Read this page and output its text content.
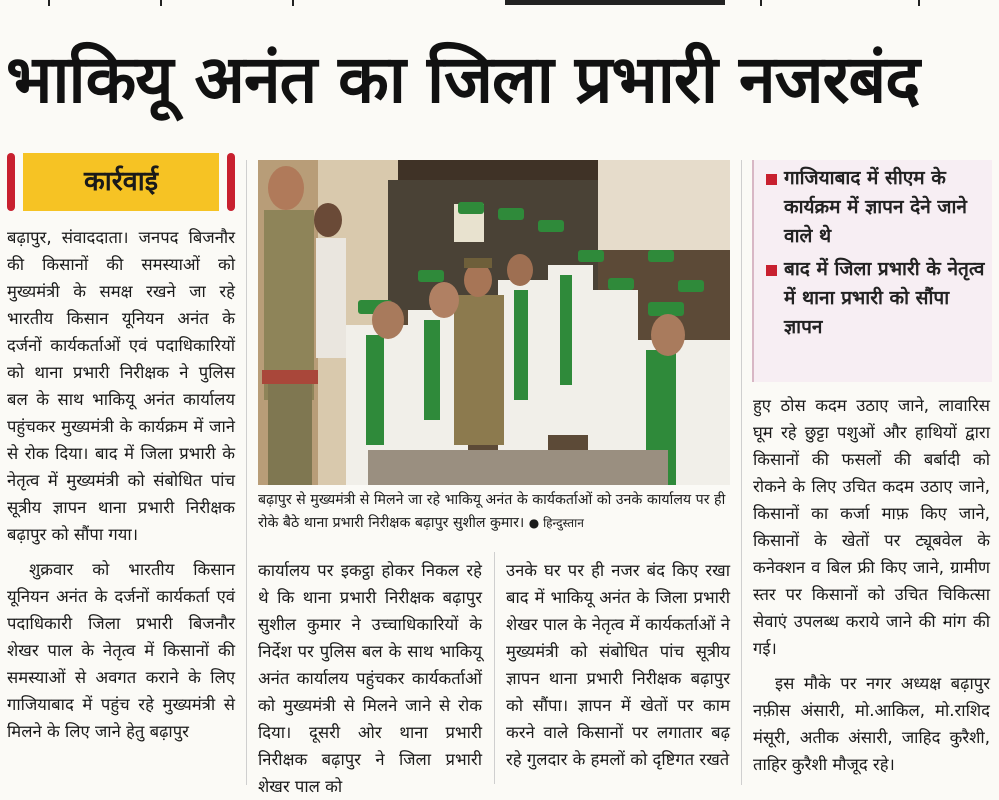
भाकियू अनंत का जिला प्रभारी नजरबंद
कार्रवाई

बढ़ापुर, संवाददाता। जनपद बिजनौर की किसानों की समस्याओं को मुख्यमंत्री के समक्ष रखने जा रहे भारतीय किसान यूनियन अनंत के दर्जनों कार्यकर्ताओं एवं पदाधिकारियों को थाना प्रभारी निरीक्षक ने पुलिस बल के साथ भाकियू अनंत कार्यालय पहुंचकर मुख्यमंत्री के कार्यक्रम में जाने से रोक दिया। बाद में जिला प्रभारी के नेतृत्व में मुख्यमंत्री को संबोधित पांच सूत्रीय ज्ञापन थाना प्रभारी निरीक्षक बढ़ापुर को सौंपा गया।

शुक्रवार को भारतीय किसान यूनियन अनंत के दर्जनों कार्यकर्ता एवं पदाधिकारी जिला प्रभारी बिजनौर शेखर पाल के नेतृत्व में किसानों की समस्याओं से अवगत कराने के लिए गाजियाबाद में पहुंच रहे मुख्यमंत्री से मिलने के लिए जाने हेतु बढ़ापुर

बढ़ापुर से मुख्यमंत्री से मिलने जा रहे भाकियू अनंत के कार्यकर्ताओं को उनके कार्यालय पर ही रोके बैठे थाना प्रभारी निरीक्षक बढ़ापुर सुशील कुमार। ● हिन्दुस्तान

कार्यालय पर इकट्ठा होकर निकल रहे थे कि थाना प्रभारी निरीक्षक बढ़ापुर सुशील कुमार ने उच्चाधिकारियों के निर्देश पर पुलिस बल के साथ भाकियू अनंत कार्यालय पहुंचकर कार्यकर्ताओं को मुख्यमंत्री से मिलने जाने से रोक दिया। दूसरी ओर थाना प्रभारी निरीक्षक बढ़ापुर ने जिला प्रभारी शेखर पाल को

उनके घर पर ही नजर बंद किए रखा बाद में भाकियू अनंत के जिला प्रभारी शेखर पाल के नेतृत्व में कार्यकर्ताओं ने मुख्यमंत्री को संबोधित पांच सूत्रीय ज्ञापन थाना प्रभारी निरीक्षक बढ़ापुर को सौंपा। ज्ञापन में खेतों पर काम करने वाले किसानों पर लगातार बढ़ रहे गुलदार के हमलों को दृष्टिगत रखते

गाजियाबाद में सीएम के कार्यक्रम में ज्ञापन देने जाने वाले थे
बाद में जिला प्रभारी के नेतृत्व में थाना प्रभारी को सौंपा ज्ञापन

हुए ठोस कदम उठाए जाने, लावारिस घूम रहे छुट्टा पशुओं और हाथियों द्वारा किसानों की फसलों की बर्बादी को रोकने के लिए उचित कदम उठाए जाने, किसानों का कर्जा माफ़ किए जाने, किसानों के खेतों पर ट्यूबवेल के कनेक्शन व बिल फ्री किए जाने, ग्रामीण स्तर पर किसानों को उचित चिकित्सा सेवाएं उपलब्ध कराये जाने की मांग की गई।

इस मौके पर नगर अध्यक्ष बढ़ापुर नफ़ीस अंसारी, मो.आकिल, मो.राशिद मंसूरी, अतीक अंसारी, जाहिद कुरैशी, ताहिर कुरैशी मौजूद रहे।
